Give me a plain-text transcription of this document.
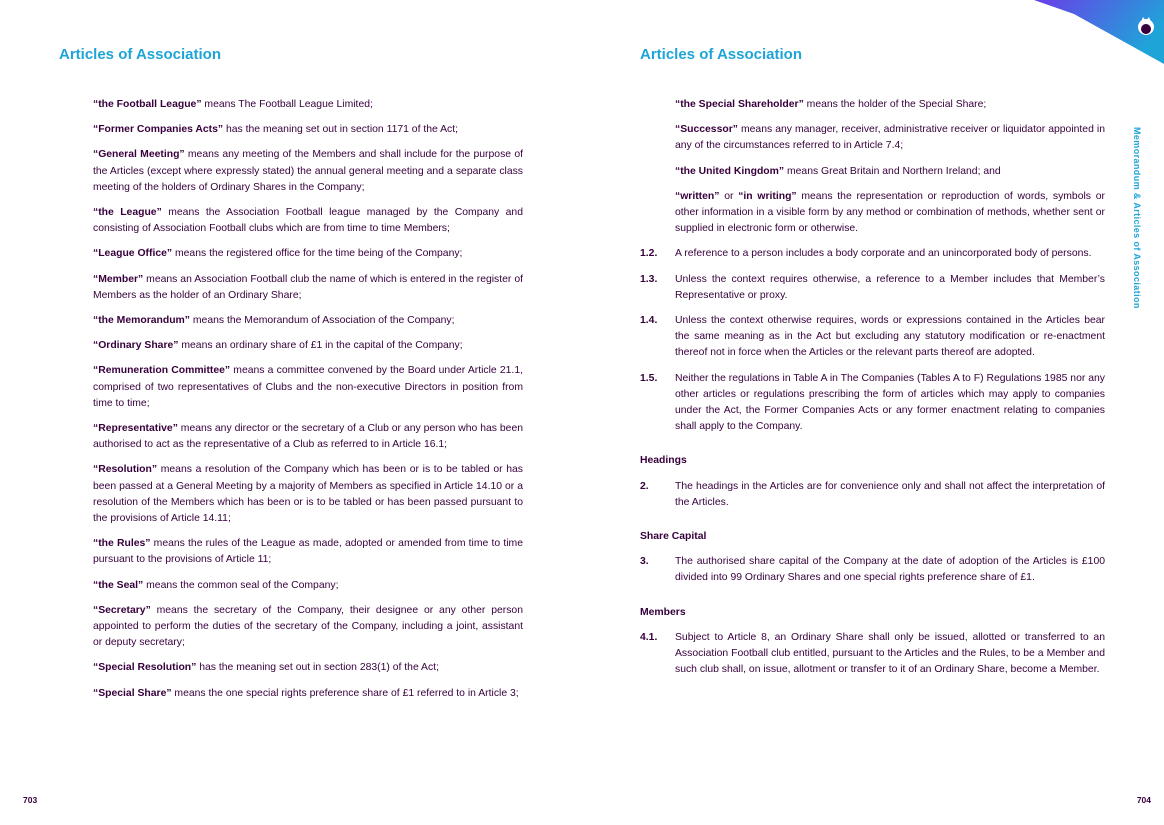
Articles of Association

“the Football League” means The Football League Limited;

“Former Companies Acts” has the meaning set out in section 1171 of the Act;

“General Meeting” means any meeting of the Members and shall include for the purpose of the Articles (except where expressly stated) the annual general meeting and a separate class meeting of the holders of Ordinary Shares in the Company;

“the League” means the Association Football league managed by the Company and consisting of Association Football clubs which are from time to time Members;

“League Office” means the registered office for the time being of the Company;

“Member” means an Association Football club the name of which is entered in the register of Members as the holder of an Ordinary Share;

“the Memorandum” means the Memorandum of Association of the Company;

“Ordinary Share” means an ordinary share of £1 in the capital of the Company;

“Remuneration Committee” means a committee convened by the Board under Article 21.1, comprised of two representatives of Clubs and the non-executive Directors in position from time to time;

“Representative” means any director or the secretary of a Club or any person who has been authorised to act as the representative of a Club as referred to in Article 16.1;

“Resolution” means a resolution of the Company which has been or is to be tabled or has been passed at a General Meeting by a majority of Members as specified in Article 14.10 or a resolution of the Members which has been or is to be tabled or has been passed pursuant to the provisions of Article 14.11;

“the Rules” means the rules of the League as made, adopted or amended from time to time pursuant to the provisions of Article 11;

“the Seal” means the common seal of the Company;

“Secretary” means the secretary of the Company, their designee or any other person appointed to perform the duties of the secretary of the Company, including a joint, assistant or deputy secretary;

“Special Resolution” has the meaning set out in section 283(1) of the Act;

“Special Share” means the one special rights preference share of £1 referred to in Article 3;

703
Articles of Association

“the Special Shareholder” means the holder of the Special Share;

“Successor” means any manager, receiver, administrative receiver or liquidator appointed in any of the circumstances referred to in Article 7.4;

“the United Kingdom” means Great Britain and Northern Ireland; and

“written” or “in writing” means the representation or reproduction of words, symbols or other information in a visible form by any method or combination of methods, whether sent or supplied in electronic form or otherwise.

1.2.	A reference to a person includes a body corporate and an unincorporated body of persons.
1.3.	Unless the context requires otherwise, a reference to a Member includes that Member’s Representative or proxy.
1.4.	Unless the context otherwise requires, words or expressions contained in the Articles bear the same meaning as in the Act but excluding any statutory modification or re-enactment thereof not in force when the Articles or the relevant parts thereof are adopted.
1.5.	Neither the regulations in Table A in The Companies (Tables A to F) Regulations 1985 nor any other articles or regulations prescribing the form of articles which may apply to companies under the Act, the Former Companies Acts or any former enactment relating to companies shall apply to the Company.
Headings
2.	The headings in the Articles are for convenience only and shall not affect the interpretation of the Articles.
Share Capital
3.	The authorised share capital of the Company at the date of adoption of the Articles is £100 divided into 99 Ordinary Shares and one special rights preference share of £1.
Members
4.1.	Subject to Article 8, an Ordinary Share shall only be issued, allotted or transferred to an Association Football club entitled, pursuant to the Articles and the Rules, to be a Member and such club shall, on issue, allotment or transfer to it of an Ordinary Share, become a Member.
704
Memorandum & Articles of Association
